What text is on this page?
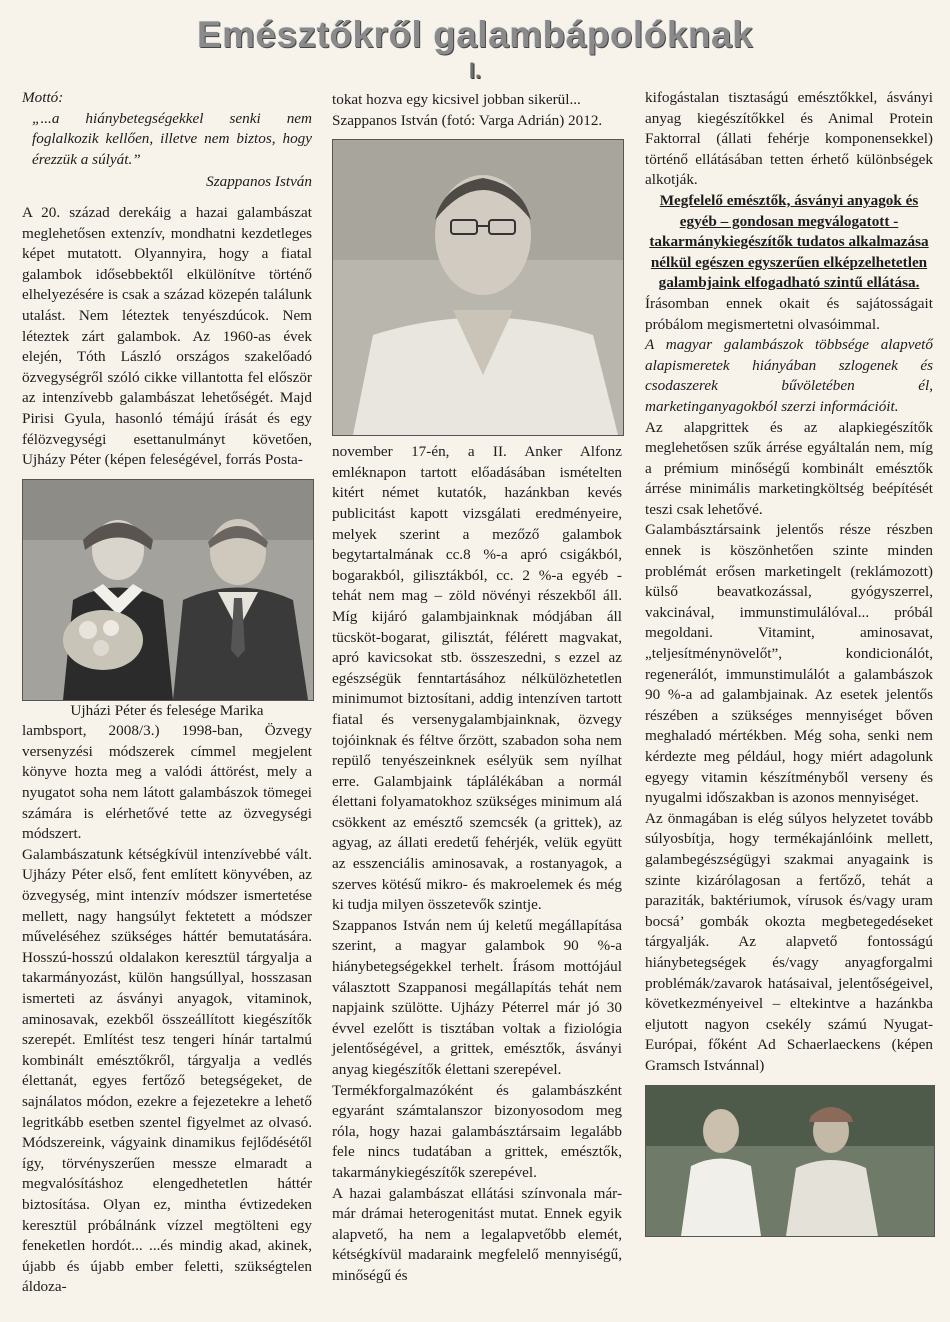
Emésztőkről galambápolóknak
I.

Mottó:

„...a hiánybetegségekkel senki nem foglalkozik kellően, illetve nem biztos, hogy érezzük a súlyát.”

Szappanos István

A 20. század derekáig a hazai galambászat meglehetősen extenzív, mondhatni kezdetleges képet mutatott. Olyannyira, hogy a fiatal galambok idősebbektől elkülönítve történő elhelyezésére is csak a század közepén találunk utalást. Nem léteztek tenyészdúcok. Nem léteztek zárt galambok. Az 1960-as évek elején, Tóth László országos szakelőadó özvegységről szóló cikke villantotta fel először az intenzívebb galambászat lehetőségét. Majd Pirisi Gyula, hasonló témájú írását és egy félözvegységi esettanulmányt követően, Ujházy Péter (képen feleségével, forrás Posta-

Ujházi Péter és felesége Marika

lambsport, 2008/3.) 1998-ban, Özvegy versenyzési módszerek címmel megjelent könyve hozta meg a valódi áttörést, mely a nyugatot soha nem látott galambászok tömegei számára is elérhetővé tette az özvegységi módszert.

Galambászatunk kétségkívül intenzívebbé vált. Ujházy Péter első, fent említett könyvében, az özvegység, mint intenzív módszer ismertetése mellett, nagy hangsúlyt fektetett a módszer műveléséhez szükséges háttér bemutatására. Hosszú-hosszú oldalakon keresztül tárgyalja a takarmányozást, külön hangsúllyal, hosszasan ismerteti az ásványi anyagok, vitaminok, aminosavak, ezekből összeállított kiegészítők szerepét. Említést tesz tengeri hínár tartalmú kombinált emésztőkről, tárgyalja a vedlés élettanát, egyes fertőző betegségeket, de sajnálatos módon, ezekre a fejezetekre a lehető legritkább esetben szentel figyelmet az olvasó. Módszereink, vágyaink dinamikus fejlődésétől így, törvényszerűen messze elmaradt a megvalósításhoz elengedhetetlen háttér biztosítása. Olyan ez, mintha évtizedeken keresztül próbálnánk vízzel megtölteni egy feneketlen hordót... ...és mindig akad, akinek, újabb és újabb ember feletti, szükségtelen áldoza-

tokat hozva egy kicsivel jobban sikerül...

Szappanos István (fotó: Varga Adrián) 2012.

november 17-én, a II. Anker Alfonz emléknapon tartott előadásában ismételten kitért német kutatók, hazánkban kevés publicitást kapott vizsgálati eredményeire, melyek szerint a mezőző galambok begytartalmának cc.8 %-a apró csigákból, bogarakból, gilisztákból, cc. 2 %-a egyéb - tehát nem mag – zöld növényi részekből áll. Míg kijáró galambjainknak módjában áll tücsköt-bogarat, gilisztát, félérett magvakat, apró kavicsokat stb. összeszedni, s ezzel az egészségük fenntartásához nélkülözhetetlen minimumot biztosítani, addig intenzíven tartott fiatal és versenygalambjainknak, özvegy tojóinknak és féltve őrzött, szabadon soha nem repülő tenyészeinknek esélyük sem nyílhat erre. Galambjaink táplálékában a normál élettani folyamatokhoz szükséges minimum alá csökkent az emésztő szemcsék (a grittek), az agyag, az állati eredetű fehérjék, velük együtt az esszenciális aminosavak, a rostanyagok, a szerves kötésű mikro- és makroelemek és még ki tudja milyen összetevők szintje.

Szappanos István nem új keletű megállapítása szerint, a magyar galambok 90 %-a hiánybetegségekkel terhelt. Írásom mottójául választott Szappanosi megállapítás tehát nem napjaink szülötte. Ujházy Péterrel már jó 30 évvel ezelőtt is tisztában voltak a fiziológia jelentőségével, a grittek, emésztők, ásványi anyag kiegészítők élettani szerepével.

Termékforgalmazóként és galambászként egyaránt számtalanszor bizonyosodom meg róla, hogy hazai galambásztársaim legalább fele nincs tudatában a grittek, emésztők, takarmánykiegészítők szerepével.

A hazai galambászat ellátási színvonala már-már drámai heterogenitást mutat. Ennek egyik alapvető, ha nem a legalapvetőbb elemét, kétségkívül madaraink megfelelő mennyiségű, minőségű és

kifogástalan tisztaságú emésztőkkel, ásványi anyag kiegészítőkkel és Animal Protein Faktorral (állati fehérje komponensekkel) történő ellátásában tetten érhető különbségek alkotják.

Megfelelő emésztők, ásványi anyagok és egyéb – gondosan megválogatott - takarmánykiegészítők tudatos alkalmazása nélkül egészen egyszerűen elképzelhetetlen galambjaink elfogadható szintű ellátása.

Írásomban ennek okait és sajátosságait próbálom megismertetni olvasóimmal.

A magyar galambászok többsége alapvető alapismeretek hiányában szlogenek és csodaszerek bűvöletében él, marketinganyagokból szerzi információit.

Az alapgrittek és az alapkiegészítők meglehetősen szűk árrése egyáltalán nem, míg a prémium minőségű kombinált emésztők árrése minimális marketingköltség beépítését teszi csak lehetővé.

Galambásztársaink jelentős része részben ennek is köszönhetően szinte minden problémát erősen marketingelt (reklámozott) külső beavatkozással, gyógyszerrel, vakcinával, immunstimulálóval... próbál megoldani. Vitamint, aminosavat, „teljesítménynövelőt”, kondicionálót, regenerálót, immunstimulálót a galambászok 90 %-a ad galambjainak. Az esetek jelentős részében a szükséges mennyiséget bőven meghaladó mértékben. Még soha, senki nem kérdezte meg például, hogy miért adagolunk egyegy vitamin készítményből verseny és nyugalmi időszakban is azonos mennyiséget.

Az önmagában is elég súlyos helyzetet tovább súlyosbítja, hogy termékajánlóink mellett, galambegészségügyi szakmai anyagaink is szinte kizárólagosan a fertőző, tehát a paraziták, baktériumok, vírusok és/vagy uram bocsá’ gombák okozta megbetegedéseket tárgyalják. Az alapvető fontosságú hiánybetegségek és/vagy anyagforgalmi problémák/zavarok hatásaival, jelentőségeivel, következményeivel – eltekintve a hazánkba eljutott nagyon csekély számú Nyugat-Európai, főként Ad Schaerlaeckens (képen Gramsch Istvánnal)
